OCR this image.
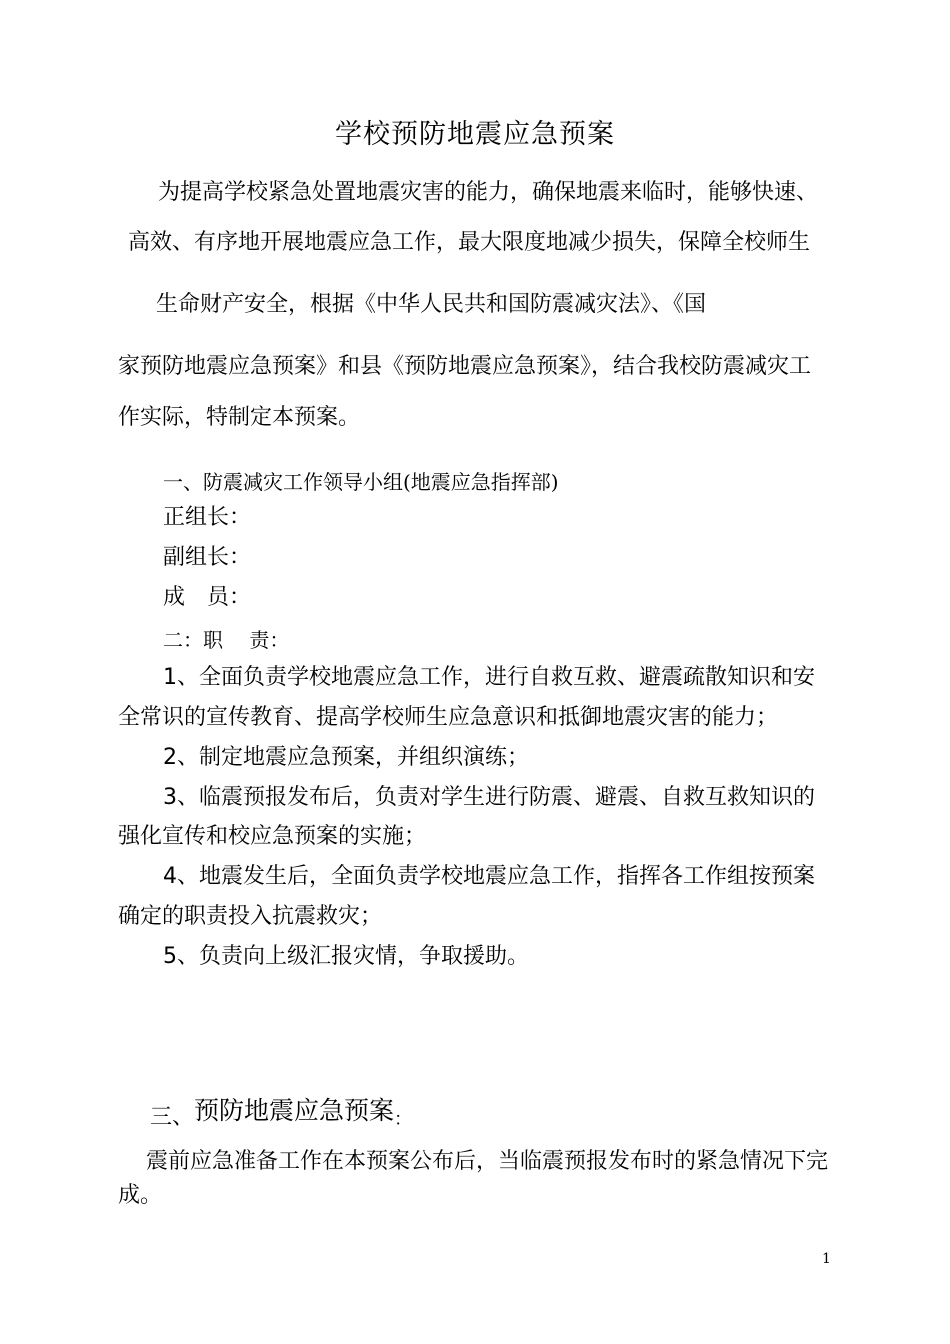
学校预防地震应急预案

为提高学校紧急处置地震灾害的能力，确保地震来临时，能够快速、

高效、有序地开展地震应急工作，最大限度地减少损失，保障全校师生

生命财产安全，根据《中华人民共和国防震减灾法》、《国

家预防地震应急预案》和县《预防地震应急预案》，结合我校防震减灾工

作实际，特制定本预案。

一、防震减灾工作领导小组(地震应急指挥部)

正组长：

副组长：

成　员：

二：职　 责：

1、全面负责学校地震应急工作，进行自救互救、避震疏散知识和安

全常识的宣传教育、提高学校师生应急意识和抵御地震灾害的能力；

2、制定地震应急预案，并组织演练；

3、临震预报发布后，负责对学生进行防震、避震、自救互救知识的

强化宣传和校应急预案的实施；

4、地震发生后，全面负责学校地震应急工作，指挥各工作组按预案

确定的职责投入抗震救灾；

5、负责向上级汇报灾情，争取援助。

三、预防地震应急预案$_:$

震前应急准备工作在本预案公布后，当临震预报发布时的紧急情况下完

成。

1
